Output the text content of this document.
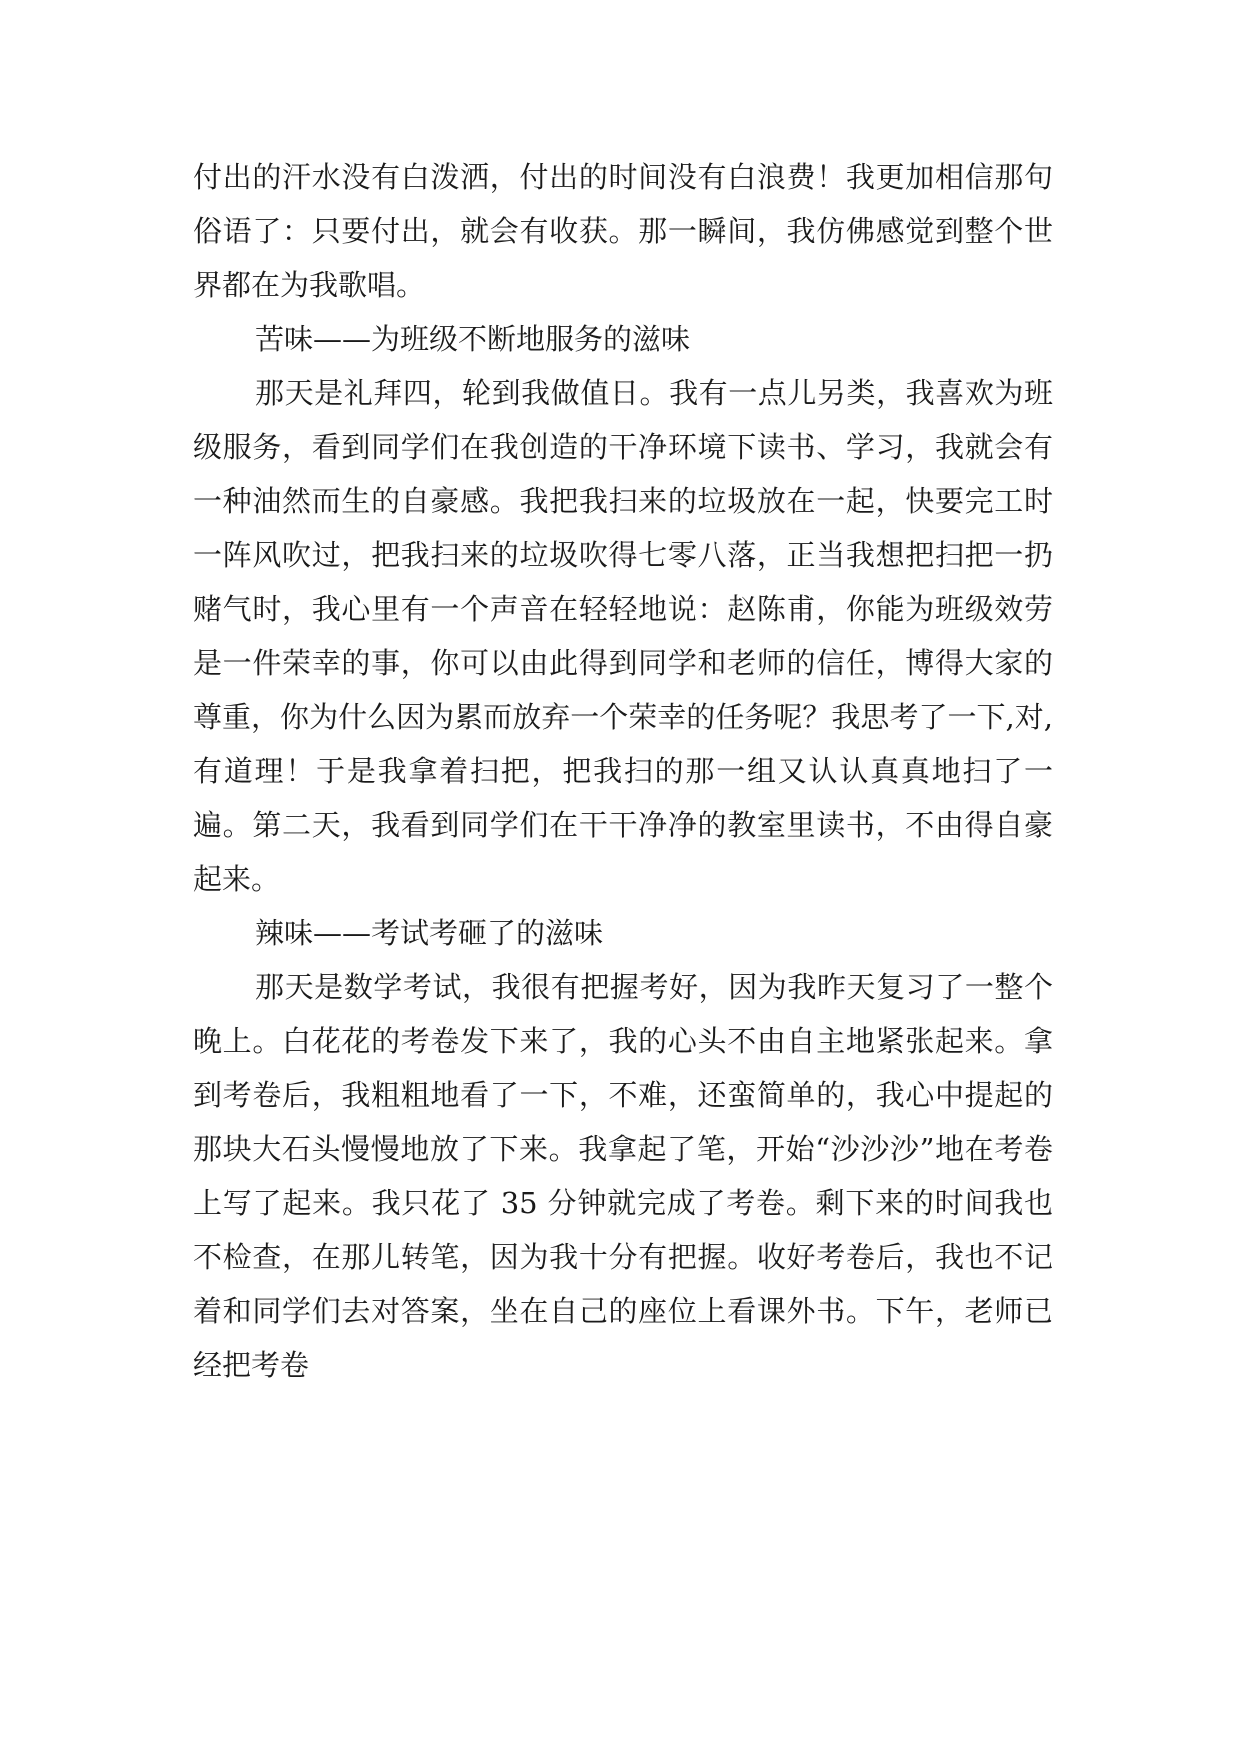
付出的汗水没有白泼洒，付出的时间没有白浪费！我更加相信那句俗语了：只要付出，就会有收获。那一瞬间，我仿佛感觉到整个世界都在为我歌唱。

苦味——为班级不断地服务的滋味

那天是礼拜四，轮到我做值日。我有一点儿另类，我喜欢为班级服务，看到同学们在我创造的干净环境下读书、学习，我就会有一种油然而生的自豪感。我把我扫来的垃圾放在一起，快要完工时一阵风吹过，把我扫来的垃圾吹得七零八落，正当我想把扫把一扔赌气时，我心里有一个声音在轻轻地说：赵陈甫，你能为班级效劳是一件荣幸的事，你可以由此得到同学和老师的信任，博得大家的尊重，你为什么因为累而放弃一个荣幸的任务呢？我思考了一下,对,有道理！于是我拿着扫把，把我扫的那一组又认认真真地扫了一遍。第二天，我看到同学们在干干净净的教室里读书，不由得自豪起来。

辣味——考试考砸了的滋味

那天是数学考试，我很有把握考好，因为我昨天复习了一整个晚上。白花花的考卷发下来了，我的心头不由自主地紧张起来。拿到考卷后，我粗粗地看了一下，不难，还蛮简单的，我心中提起的那块大石头慢慢地放了下来。我拿起了笔，开始“沙沙沙”地在考卷上写了起来。我只花了 35 分钟就完成了考卷。剩下来的时间我也不检查，在那儿转笔，因为我十分有把握。收好考卷后，我也不记着和同学们去对答案，坐在自己的座位上看课外书。下午，老师已经把考卷
